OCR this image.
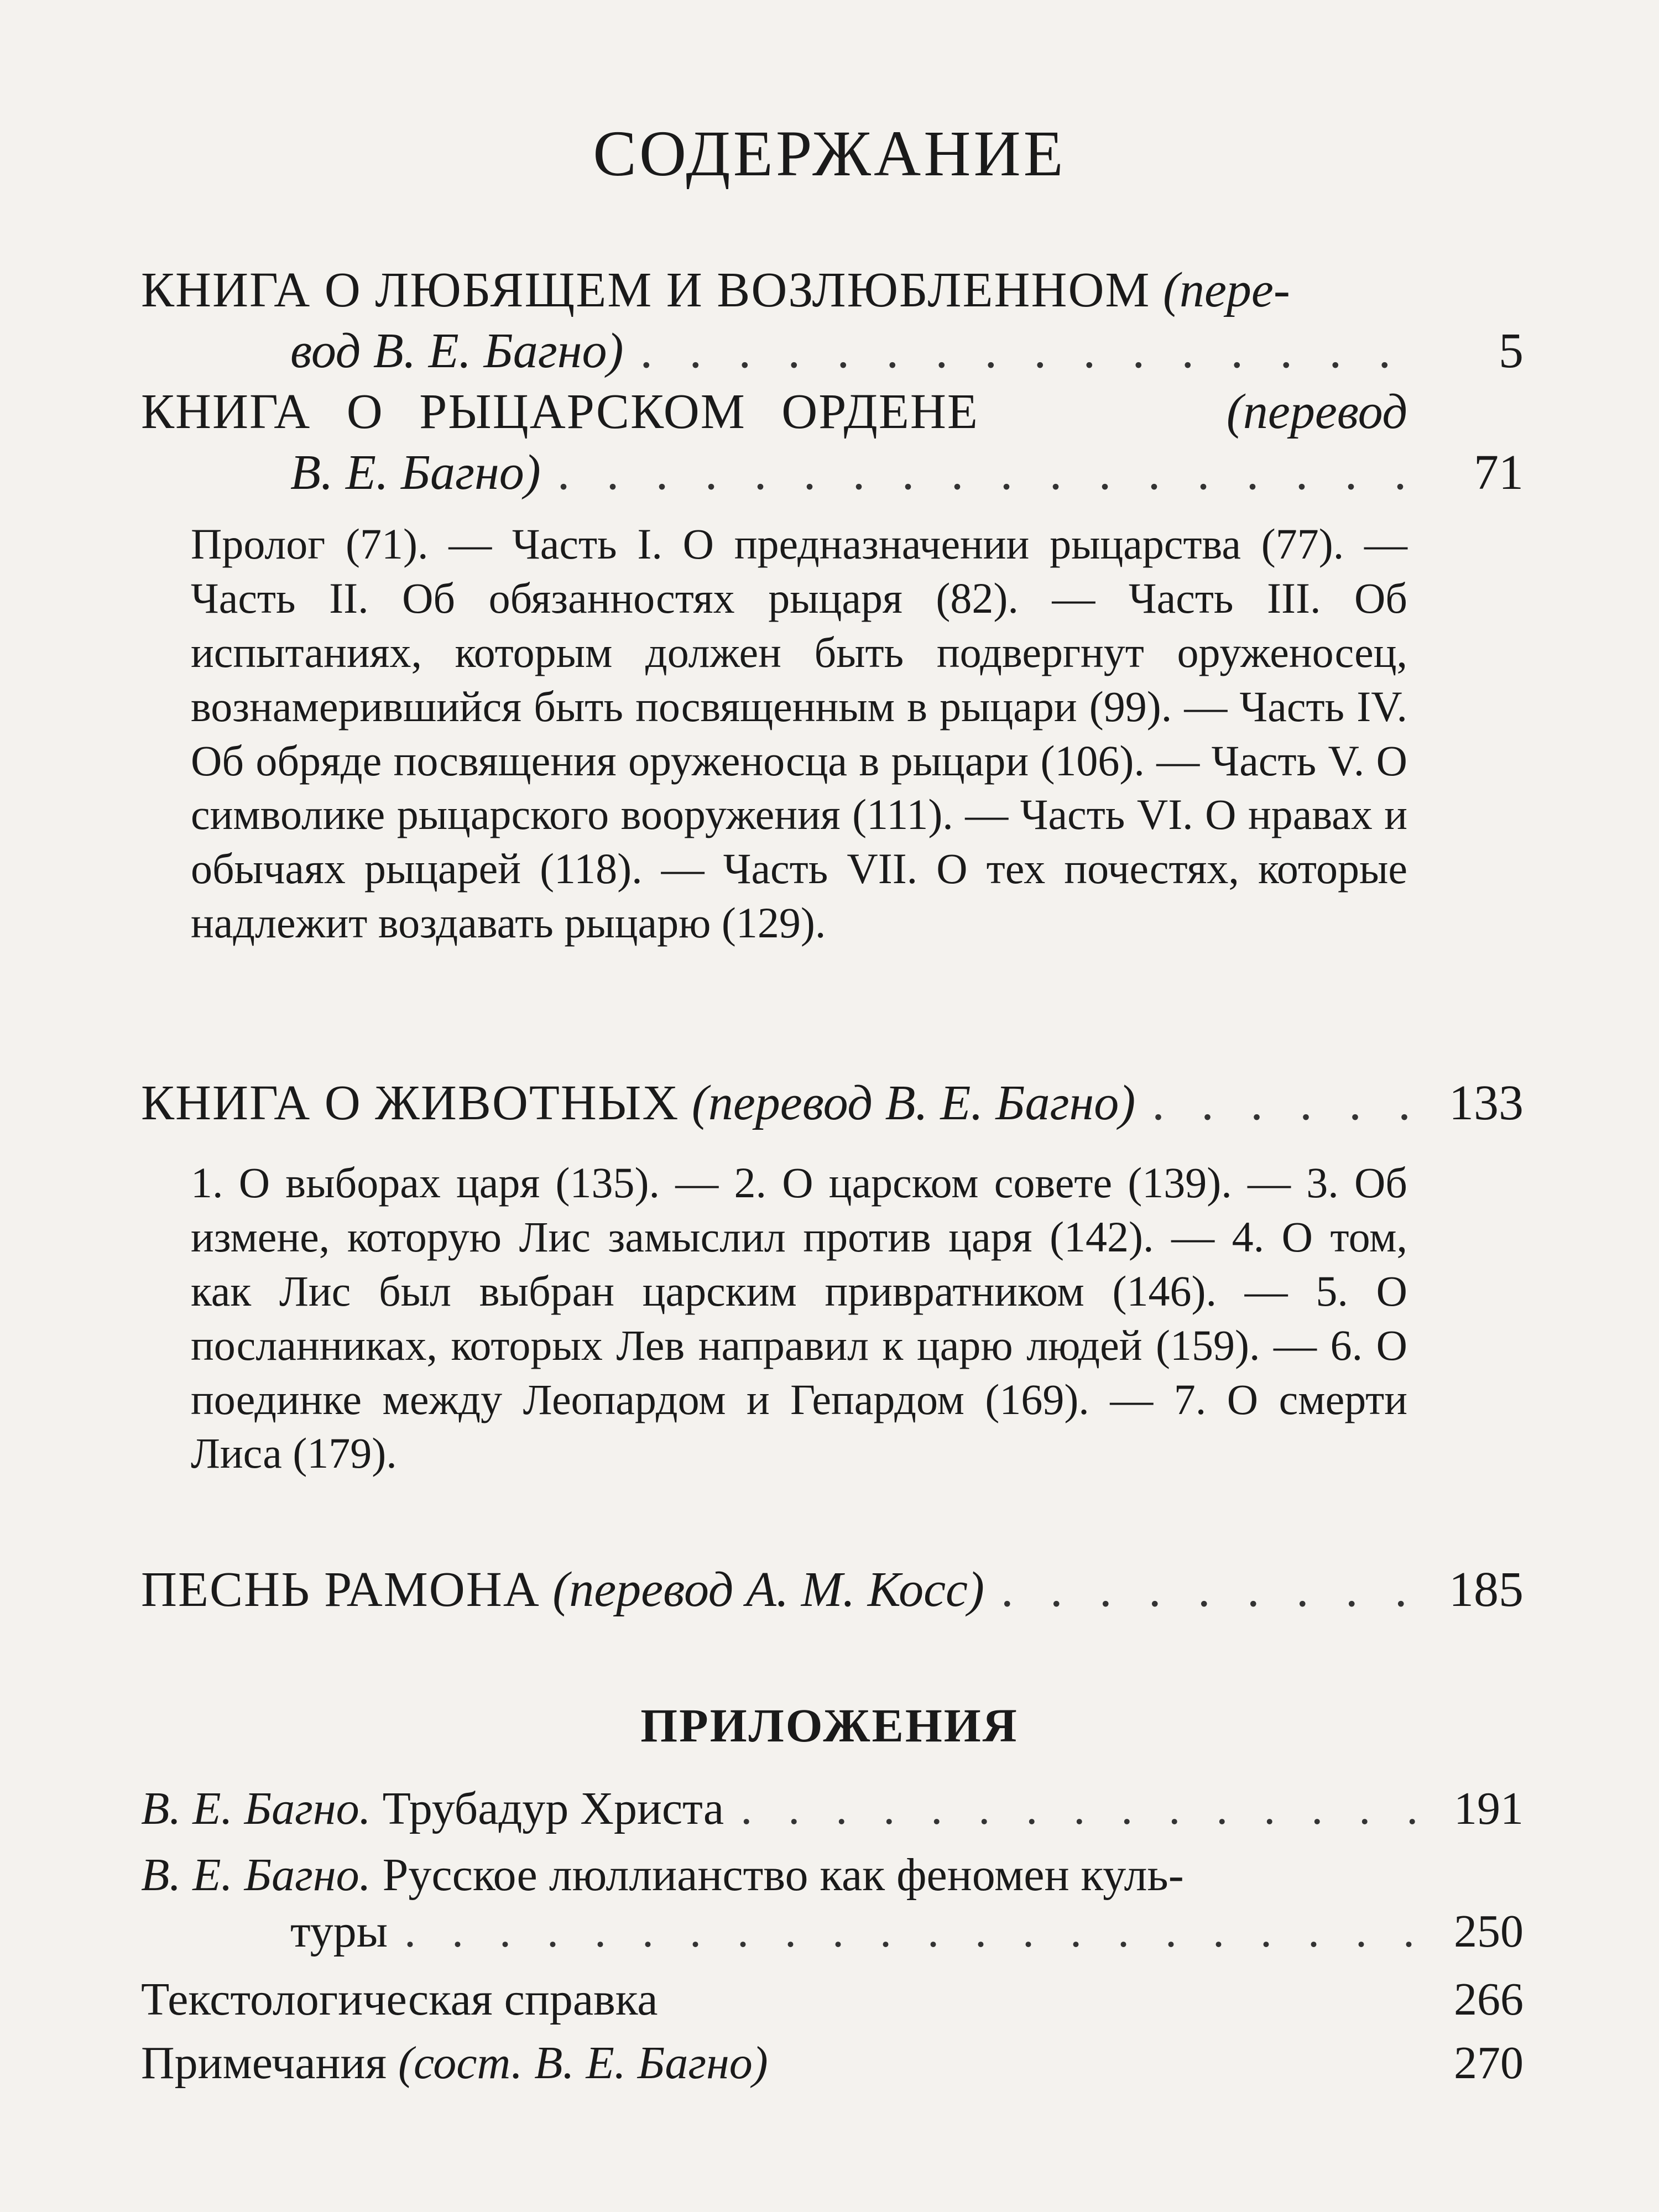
СОДЕРЖАНИЕ
КНИГА О ЛЮБЯЩЕМ И ВОЗЛЮБЛЕННОМ
(пере-
вод В. Е. Багно) . . .	5
КНИГА О РЫЦАРСКОМ ОРДЕНЕ	(перевод
В. Е. Багно) . . .	71
Пролог (71). — Часть I. О предназначении рыцарства (77). — Часть II. Об обязанностях рыцаря (82). — Часть III. Об испытаниях, которым должен быть подвергнут оруженосец, вознамерившийся быть посвященным в рыцари (99). — Часть IV. Об обряде посвящения оруженосца в рыцари (106). — Часть V. О символике рыцарского вооружения (111). — Часть VI. О нравах и обычаях рыцарей (118). — Часть VII. О тех почестях, которые надлежит воздавать рыцарю (129).
КНИГА О ЖИВОТНЫХ
(перевод В. Е. Багно) . . .	133
1. О выборах царя (135). — 2. О царском совете (139). — 3. Об измене, которую Лис замыслил против царя (142). — 4. О том, как Лис был выбран царским привратником (146). — 5. О посланниках, которых Лев направил к царю людей (159). — 6. О поединке между Леопардом и Гепардом (169). — 7. О смерти Лиса (179).
ПЕСНЬ РАМОНА
(перевод А. М. Косс) . . .	185
ПРИЛОЖЕНИЯ
В. Е. Багно.
Трубадур Христа . . .	191
В. Е. Багно.
Русское люллианство как феномен куль-
туры . . .	250
Текстологическая справка	266
Примечания
(сост. В. Е. Багно)	270
